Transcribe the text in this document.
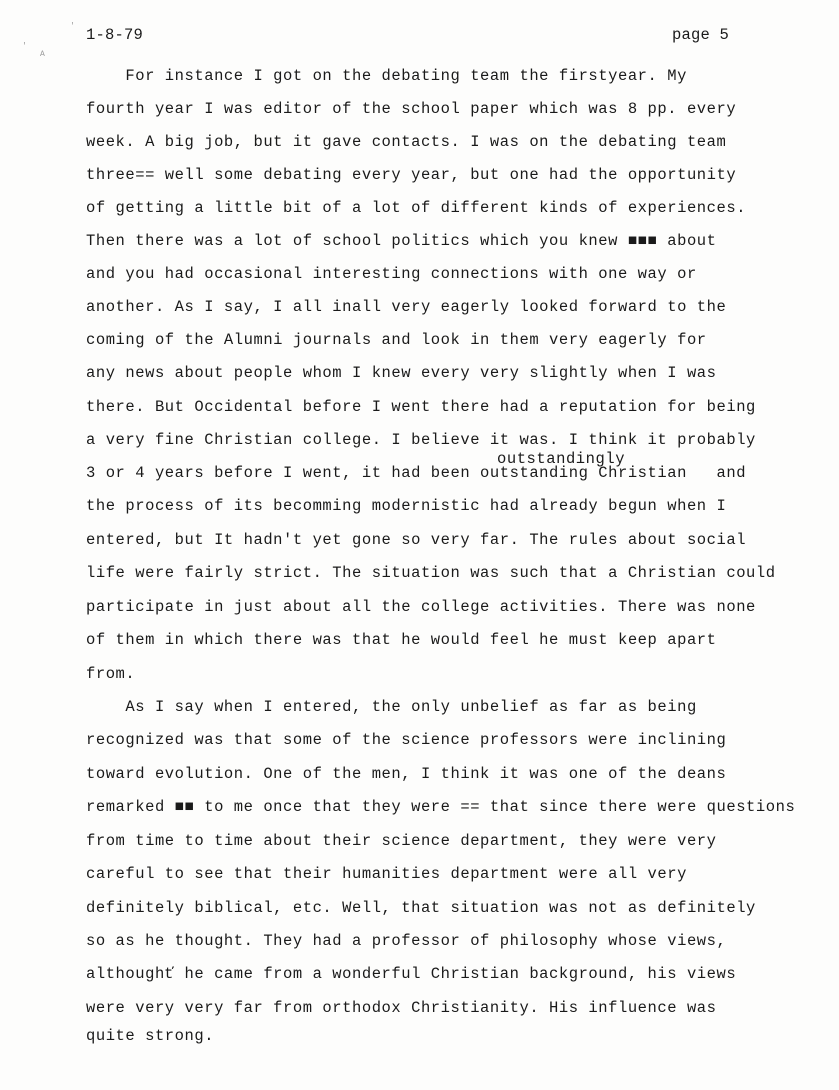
'
'
A
1-8-79	page 5
For instance I got on the debating team the firstyear. My
fourth year I was editor of the school paper which was 8 pp. every
week. A big job, but it gave contacts. I was on the debating team
three== well some debating every year, but one had the opportunity
of getting a little bit of a lot of different kinds of experiences.
Then there was a lot of school politics which you knew ■■■ about
and you had occasional interesting connections with one way or
another. As I say, I all inall very eagerly looked forward to the
coming of the Alumni journals and look in them very eagerly for
any news about people whom I knew every very slightly when I was
there. But Occidental before I went there had a reputation for being
a very fine Christian college. I believe it was. I think it probably
outstandingly
3 or 4 years before I went, it had been outstanding Christian   and
the process of its becomming modernistic had already begun when I
entered, but It hadn't yet gone so very far. The rules about social
life were fairly strict. The situation was such that a Christian could
participate in just about all the college activities. There was none
of them in which there was that he would feel he must keep apart
from.
As I say when I entered, the only unbelief as far as being
recognized was that some of the science professors were inclining
toward evolution. One of the men, I think it was one of the deans
remarked ■■ to me once that they were == that since there were questions
from time to time about their science department, they were very
careful to see that their humanities department were all very
definitely biblical, etc. Well, that situation was not as definitely
so as he thought. They had a professor of philosophy whose views,
althoughť he came from a wonderful Christian background, his views
were very very far from orthodox Christianity. His influence was
quite strong.
